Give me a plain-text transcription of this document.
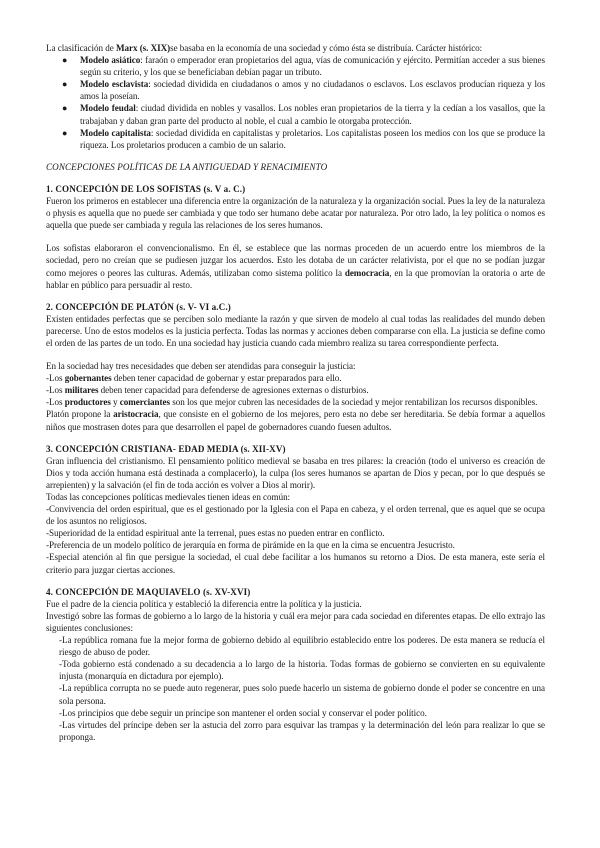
La clasificación de Marx (s. XIX)se basaba en la economía de una sociedad y cómo ésta se distribuía. Carácter histórico:

● Modelo asiático: faraón o emperador eran propietarios del agua, vías de comunicación y ejército. Permitían acceder a sus bienes según su criterio, y los que se beneficiaban debían pagar un tributo.
● Modelo esclavista: sociedad dividida en ciudadanos o amos y no ciudadanos o esclavos. Los esclavos producían riqueza y los amos la poseían.
● Modelo feudal: ciudad dividida en nobles y vasallos. Los nobles eran propietarios de la tierra y la cedían a los vasallos, que la trabajaban y daban gran parte del producto al noble, el cual a cambio le otorgaba protección.
● Modelo capitalista: sociedad dividida en capitalistas y proletarios. Los capitalistas poseen los medios con los que se produce la riqueza. Los proletarios producen a cambio de un salario.

CONCEPCIONES POLÍTICAS DE LA ANTIGUEDAD Y RENACIMIENTO

1. CONCEPCIÓN DE LOS SOFISTAS (s. V a. C.)

Fueron los primeros en establecer una diferencia entre la organización de la naturaleza y la organización social. Pues la ley de la naturaleza o physis es aquella que no puede ser cambiada y que todo ser humano debe acatar por naturaleza. Por otro lado, la ley política o nomos es aquella que puede ser cambiada y regula las relaciones de los seres humanos.

Los sofistas elaboraron el convencionalismo. En él, se establece que las normas proceden de un acuerdo entre los miembros de la sociedad, pero no creían que se pudiesen juzgar los acuerdos. Esto les dotaba de un carácter relativista, por el que no se podían juzgar como mejores o peores las culturas. Además, utilizaban como sistema político la democracia, en la que promovían la oratoria o arte de hablar en público para persuadir al resto.

2. CONCEPCIÓN DE PLATÓN (s. V- VI a.C.)

Existen entidades perfectas que se perciben solo mediante la razón y que sirven de modelo al cual todas las realidades del mundo deben parecerse. Uno de estos modelos es la justicia perfecta. Todas las normas y acciones deben compararse con ella. La justicia se define como el orden de las partes de un todo. En una sociedad hay justicia cuando cada miembro realiza su tarea correspondiente perfecta.

En la sociedad hay tres necesidades que deben ser atendidas para conseguir la justicia:

-Los gobernantes deben tener capacidad de gobernar y estar preparados para ello.

-Los militares deben tener capacidad para defenderse de agresiones externas o disturbios.

-Los productores y comerciantes son los que mejor cubren las necesidades de la sociedad y mejor rentabilizan los recursos disponibles.

Platón propone la aristocracia, que consiste en el gobierno de los mejores, pero esta no debe ser hereditaria. Se debía formar a aquellos niños que mostrasen dotes para que desarrollen el papel de gobernadores cuando fuesen adultos.

3. CONCEPCIÓN CRISTIANA- EDAD MEDIA (s. XII-XV)

Gran influencia del cristianismo. El pensamiento político medieval se basaba en tres pilares: la creación (todo el universo es creación de Dios y toda acción humana está destinada a complacerlo), la culpa (los seres humanos se apartan de Dios y pecan, por lo que después se arrepienten) y la salvación (el fin de toda acción es volver a Dios al morir).

Todas las concepciones políticas medievales tienen ideas en común:

-Convivencia del orden espiritual, que es el gestionado por la Iglesia con el Papa en cabeza, y el orden terrenal, que es aquel que se ocupa de los asuntos no religiosos.

-Superioridad de la entidad espiritual ante la terrenal, pues estas no pueden entrar en conflicto.

-Preferencia de un modelo político de jerarquía en forma de pirámide en la que en la cima se encuentra Jesucristo.

-Especial atención al fin que persigue la sociedad, el cual debe facilitar a los humanos su retorno a Dios. De esta manera, este sería el criterio para juzgar ciertas acciones.

4. CONCEPCIÓN DE MAQUIAVELO (s. XV-XVI)

Fue el padre de la ciencia política y estableció la diferencia entre la política y la justicia.

Investigó sobre las formas de gobierno a lo largo de la historia y cuál era mejor para cada sociedad en diferentes etapas. De ello extrajo las siguientes conclusiones:

-La república romana fue la mejor forma de gobierno debido al equilibrio establecido entre los poderes. De esta manera se reducía el riesgo de abuso de poder.

-Toda gobierno está condenado a su decadencia a lo largo de la historia. Todas formas de gobierno se convierten en su equivalente injusta (monarquía en dictadura por ejemplo).

-La república corrupta no se puede auto regenerar, pues solo puede hacerlo un sistema de gobierno donde el poder se concentre en una sola persona.

-Los principios que debe seguir un príncipe son mantener el orden social y conservar el poder político.

-Las virtudes del príncipe deben ser la astucia del zorro para esquivar las trampas y la determinación del león para realizar lo que se proponga.
